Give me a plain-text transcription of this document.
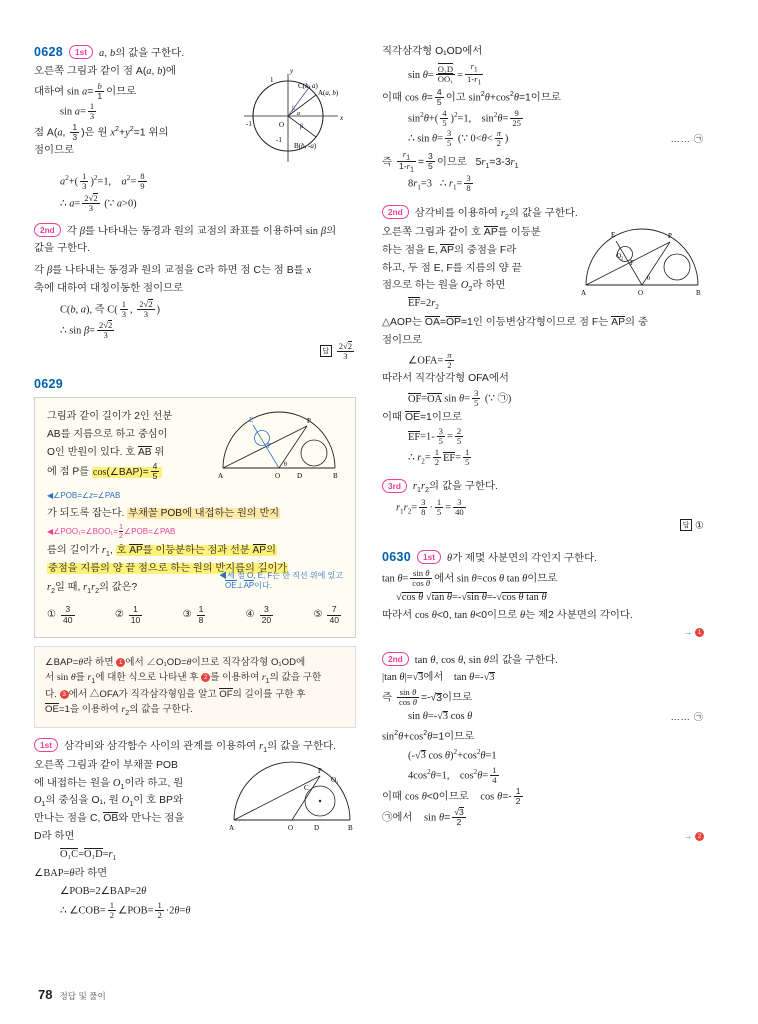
0628	1st	a, b의 값을 구한다.
y
x
O
C(b, a)
A(a, b)
B(b, -a)
-1
1
-1
β
a
β

오른쪽 그림과 같이 점 A(a, b)에

대하여 $\sin a= \frac{b}{1}$ 이므로

$\sin a= \frac{1}{3}$

점 A(a, $\frac{1}{3}$ )은 원 $x^2+y^2=1$ 위의

점이므로

$a^2+( \frac{1}{3} )^2=1$,    $a^2= \frac{8}{9}$

∴ $a= \frac{2√2}{3}$ (∵ a>0)

2nd	각 β를 나타내는 동경과 원의 교점의 좌표를 이용하여 sin β의

값을 구한다.

각 β를 나타내는 동경과 원의 교점을 C라 하면 점 C는 점 B를 x

축에 대하여 대칭이동한 점이므로

C(b, a), 즉 $C( \frac{1}{3}$ , $\frac{2√2}{3}$ )

∴ $\sin \beta= \frac{2√2}{3}$

답 $\frac{2√2}{3}$

0629
A	O	B
P
E
F
D
θ
그림과 같이 길이가 2인 선분
AB를 지름으로 하고 중심이
O인 반원이 있다. 호 AB 위
에 점 P를 cos(∠BAP)= $\frac{4}{5}$
◀∠POB=∠z=∠PAB
가 되도록 잡는다. 부채꼴 POB에 내접하는 원의 반지
◀∠POO₁=∠BOO₁= $\frac{1}{2}$ ∠POB=∠PAB
름의 길이가 $r_1$, 호 AP를 이등분하는 점과 선분 AP의
중점을 지름의 양 끝 점으로 하는 원의 반지름의 길이가
$r_2$일 때, $r_1r_2$의 값은?
◀세 점 O, E, F는 한 직선 위에 있고
OE⊥AP이다.
① $\frac{3}{40}$	② $\frac{1}{10}$	③ $\frac{1}{8}$	④ $\frac{3}{20}$	⑤ $\frac{7}{40}$
∠BAP=θ라 하면 1 에서 ∠O₁OD=θ이므로 직각삼각형 O₁OD에
서 sin θ를 $r_1$에 대한 식으로 나타낸 후 2 를 이용하여 $r_1$의 값을 구한
다. 3 에서 △OFA가 직각삼각형임을 알고 OF의 길이를 구한 후
OE=1을 이용하여 $r_2$의 값을 구한다.
1st	삼각비와 삼각함수 사이의 관계를 이용하여 $r_1$의 값을 구한다.
A	O	B
P
O₁
C
D

오른쪽 그림과 같이 부채꼴 POB

에 내접하는 원을 $O_1$이라 하고, 원

$O_1$의 중심을 O₁, 원 $O_1$이 호 BP와

만나는 점을 C, OB와 만나는 점을

D라 하면

$O_1C=O_1D=r_1$

∠BAP=θ라 하면

∠POB=2∠BAP=2θ

∴ ∠COB= $\frac{1}{2}$ ∠POB= $\frac{1}{2} \cdot 2\theta=\theta$

직각삼각형 O₁OD에서

$\sin \theta= \frac{\text{O₁D}}{\text{OO₁}} = \frac{r_1}{1-r_1}$

이때 $\cos \theta= \frac{4}{5}$ 이고 $\sin^2\theta+\cos^2\theta=1$이므로

$\sin^2\theta+( \frac{4}{5} )^2=1$,    $\sin^2\theta= \frac{9}{25}$

∴ $\sin \theta= \frac{3}{5}$ (∵ $0<\theta< \frac{\pi}{2}$ )	…… ㉠

즉 $\frac{r_1}{1-r_1} = \frac{3}{5}$ 이므로   $5r_1=3-3r_1$

$8r_1=3$   ∴ $r_1= \frac{3}{8}$

2nd	삼각비를 이용하여 $r_2$의 값을 구한다.
A	O	B
P
E
F
O₂
θ

오른쪽 그림과 같이 호 AP를 이등분

하는 점을 E, AP의 중점을 F라

하고, 두 점 E, F를 지름의 양 끝

점으로 하는 원을 $O_2$라 하면

$EF=2r_2$

△AOP는 OA=OP=1인 이등변삼각형이므로 점 F는 AP의 중

점이므로

∠OFA= $\frac{\pi}{2}$

따라서 직각삼각형 OFA에서

OF=OA $\sin \theta= \frac{3}{5}$ (∵ ㉠)

이때 OE=1이므로

$EF=1- \frac{3}{5} = \frac{2}{5}$

∴ $r_2= \frac{1}{2} EF= \frac{1}{5}$

3rd	$r_1r_2$의 값을 구한다.

$r_1r_2= \frac{3}{8} \cdot \frac{1}{5} = \frac{3}{40}$

답 ①

0630	1st	θ가 제몇 사분면의 각인지 구한다.

$\tan \theta= \frac{\text{sin θ}}{\text{cos θ}}$ 에서 sin θ=cos θ tan θ이므로

√cos θ √tan θ=-√sin θ=-√cos θ tan θ

따라서 cos θ<0, tan θ<0이므로 θ는 제2 사분면의 각이다.

→ 1

2nd	tan θ, cos θ, sin θ의 값을 구한다.

|tan θ|=√3에서    tan θ=-√3

즉 $\frac{\text{sin θ}}{\text{cos θ}} =-√3$이므로

sin θ=-√3 cos θ	…… ㉠

$\sin^2\theta+\cos^2\theta=1$이므로

(-√3 $\cos \theta)^2+\cos^2\theta=1$

$4\cos^2\theta=1$,    $\cos^2\theta= \frac{1}{4}$

이때 cos θ<0이므로    $\cos \theta=- \frac{1}{2}$

㉠에서    $\sin \theta= \frac{√3}{2}$

→ 2

78 정답 및 풀이
